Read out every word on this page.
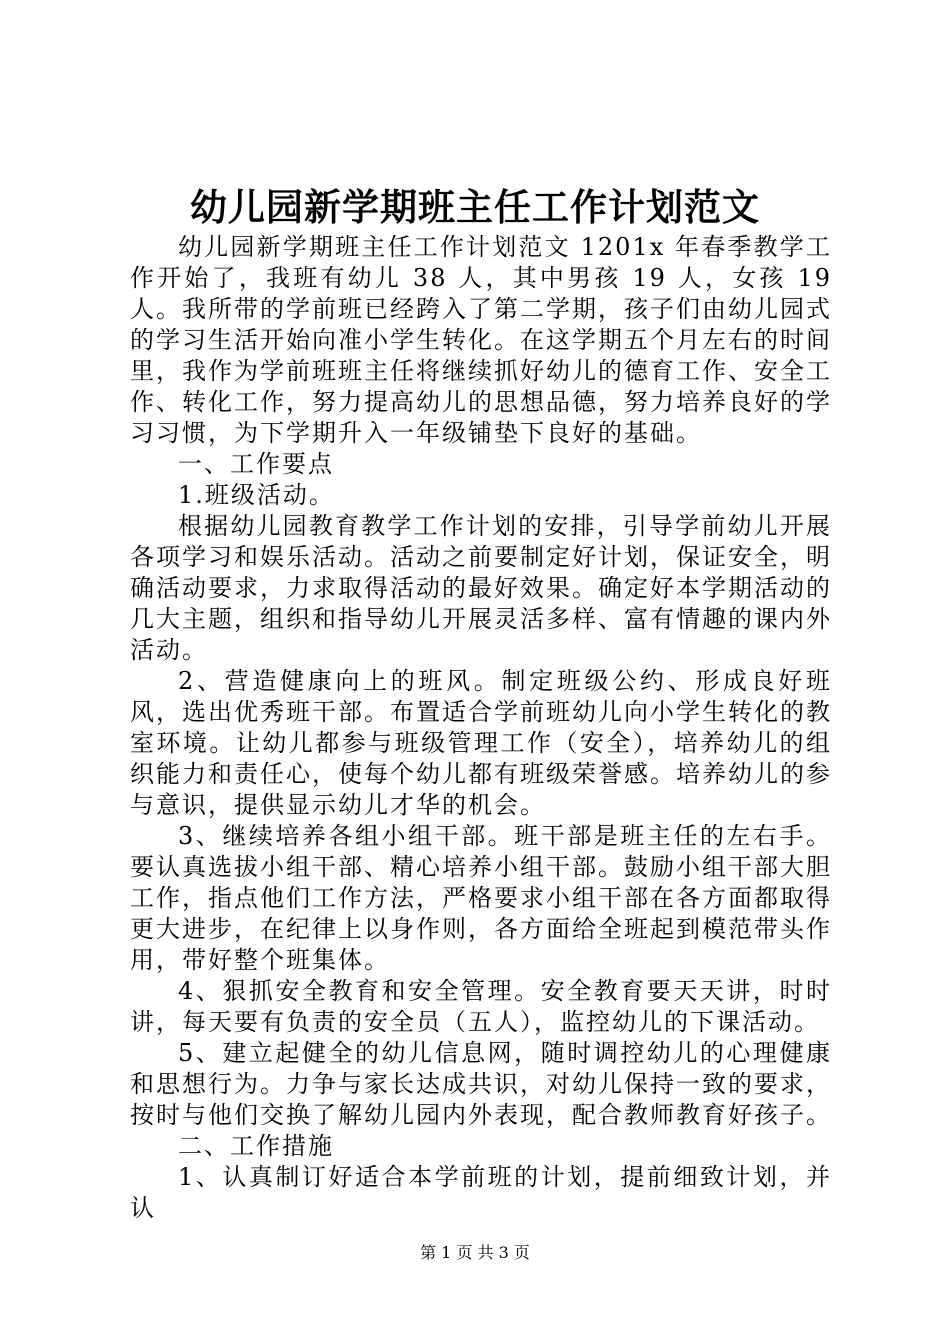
幼儿园新学期班主任工作计划范文

幼儿园新学期班主任工作计划范文 1201x 年春季教学工作开始了，我班有幼儿 38 人，其中男孩 19 人，女孩 19 人。我所带的学前班已经跨入了第二学期，孩子们由幼儿园式的学习生活开始向准小学生转化。在这学期五个月左右的时间里，我作为学前班班主任将继续抓好幼儿的德育工作、安全工作、转化工作，努力提高幼儿的思想品德，努力培养良好的学习习惯，为下学期升入一年级铺垫下良好的基础。

一、工作要点

1.班级活动。

根据幼儿园教育教学工作计划的安排，引导学前幼儿开展各项学习和娱乐活动。活动之前要制定好计划，保证安全，明确活动要求，力求取得活动的最好效果。确定好本学期活动的几大主题，组织和指导幼儿开展灵活多样、富有情趣的课内外活动。

2、营造健康向上的班风。制定班级公约、形成良好班风，选出优秀班干部。布置适合学前班幼儿向小学生转化的教室环境。让幼儿都参与班级管理工作（安全），培养幼儿的组织能力和责任心，使每个幼儿都有班级荣誉感。培养幼儿的参与意识，提供显示幼儿才华的机会。

3、继续培养各组小组干部。班干部是班主任的左右手。要认真选拔小组干部、精心培养小组干部。鼓励小组干部大胆工作，指点他们工作方法，严格要求小组干部在各方面都取得更大进步，在纪律上以身作则，各方面给全班起到模范带头作用，带好整个班集体。

4、狠抓安全教育和安全管理。安全教育要天天讲，时时讲，每天要有负责的安全员（五人），监控幼儿的下课活动。

5、建立起健全的幼儿信息网，随时调控幼儿的心理健康和思想行为。力争与家长达成共识，对幼儿保持一致的要求，按时与他们交换了解幼儿园内外表现，配合教师教育好孩子。

二、工作措施

1、认真制订好适合本学前班的计划，提前细致计划，并认

第 1 页 共 3 页
